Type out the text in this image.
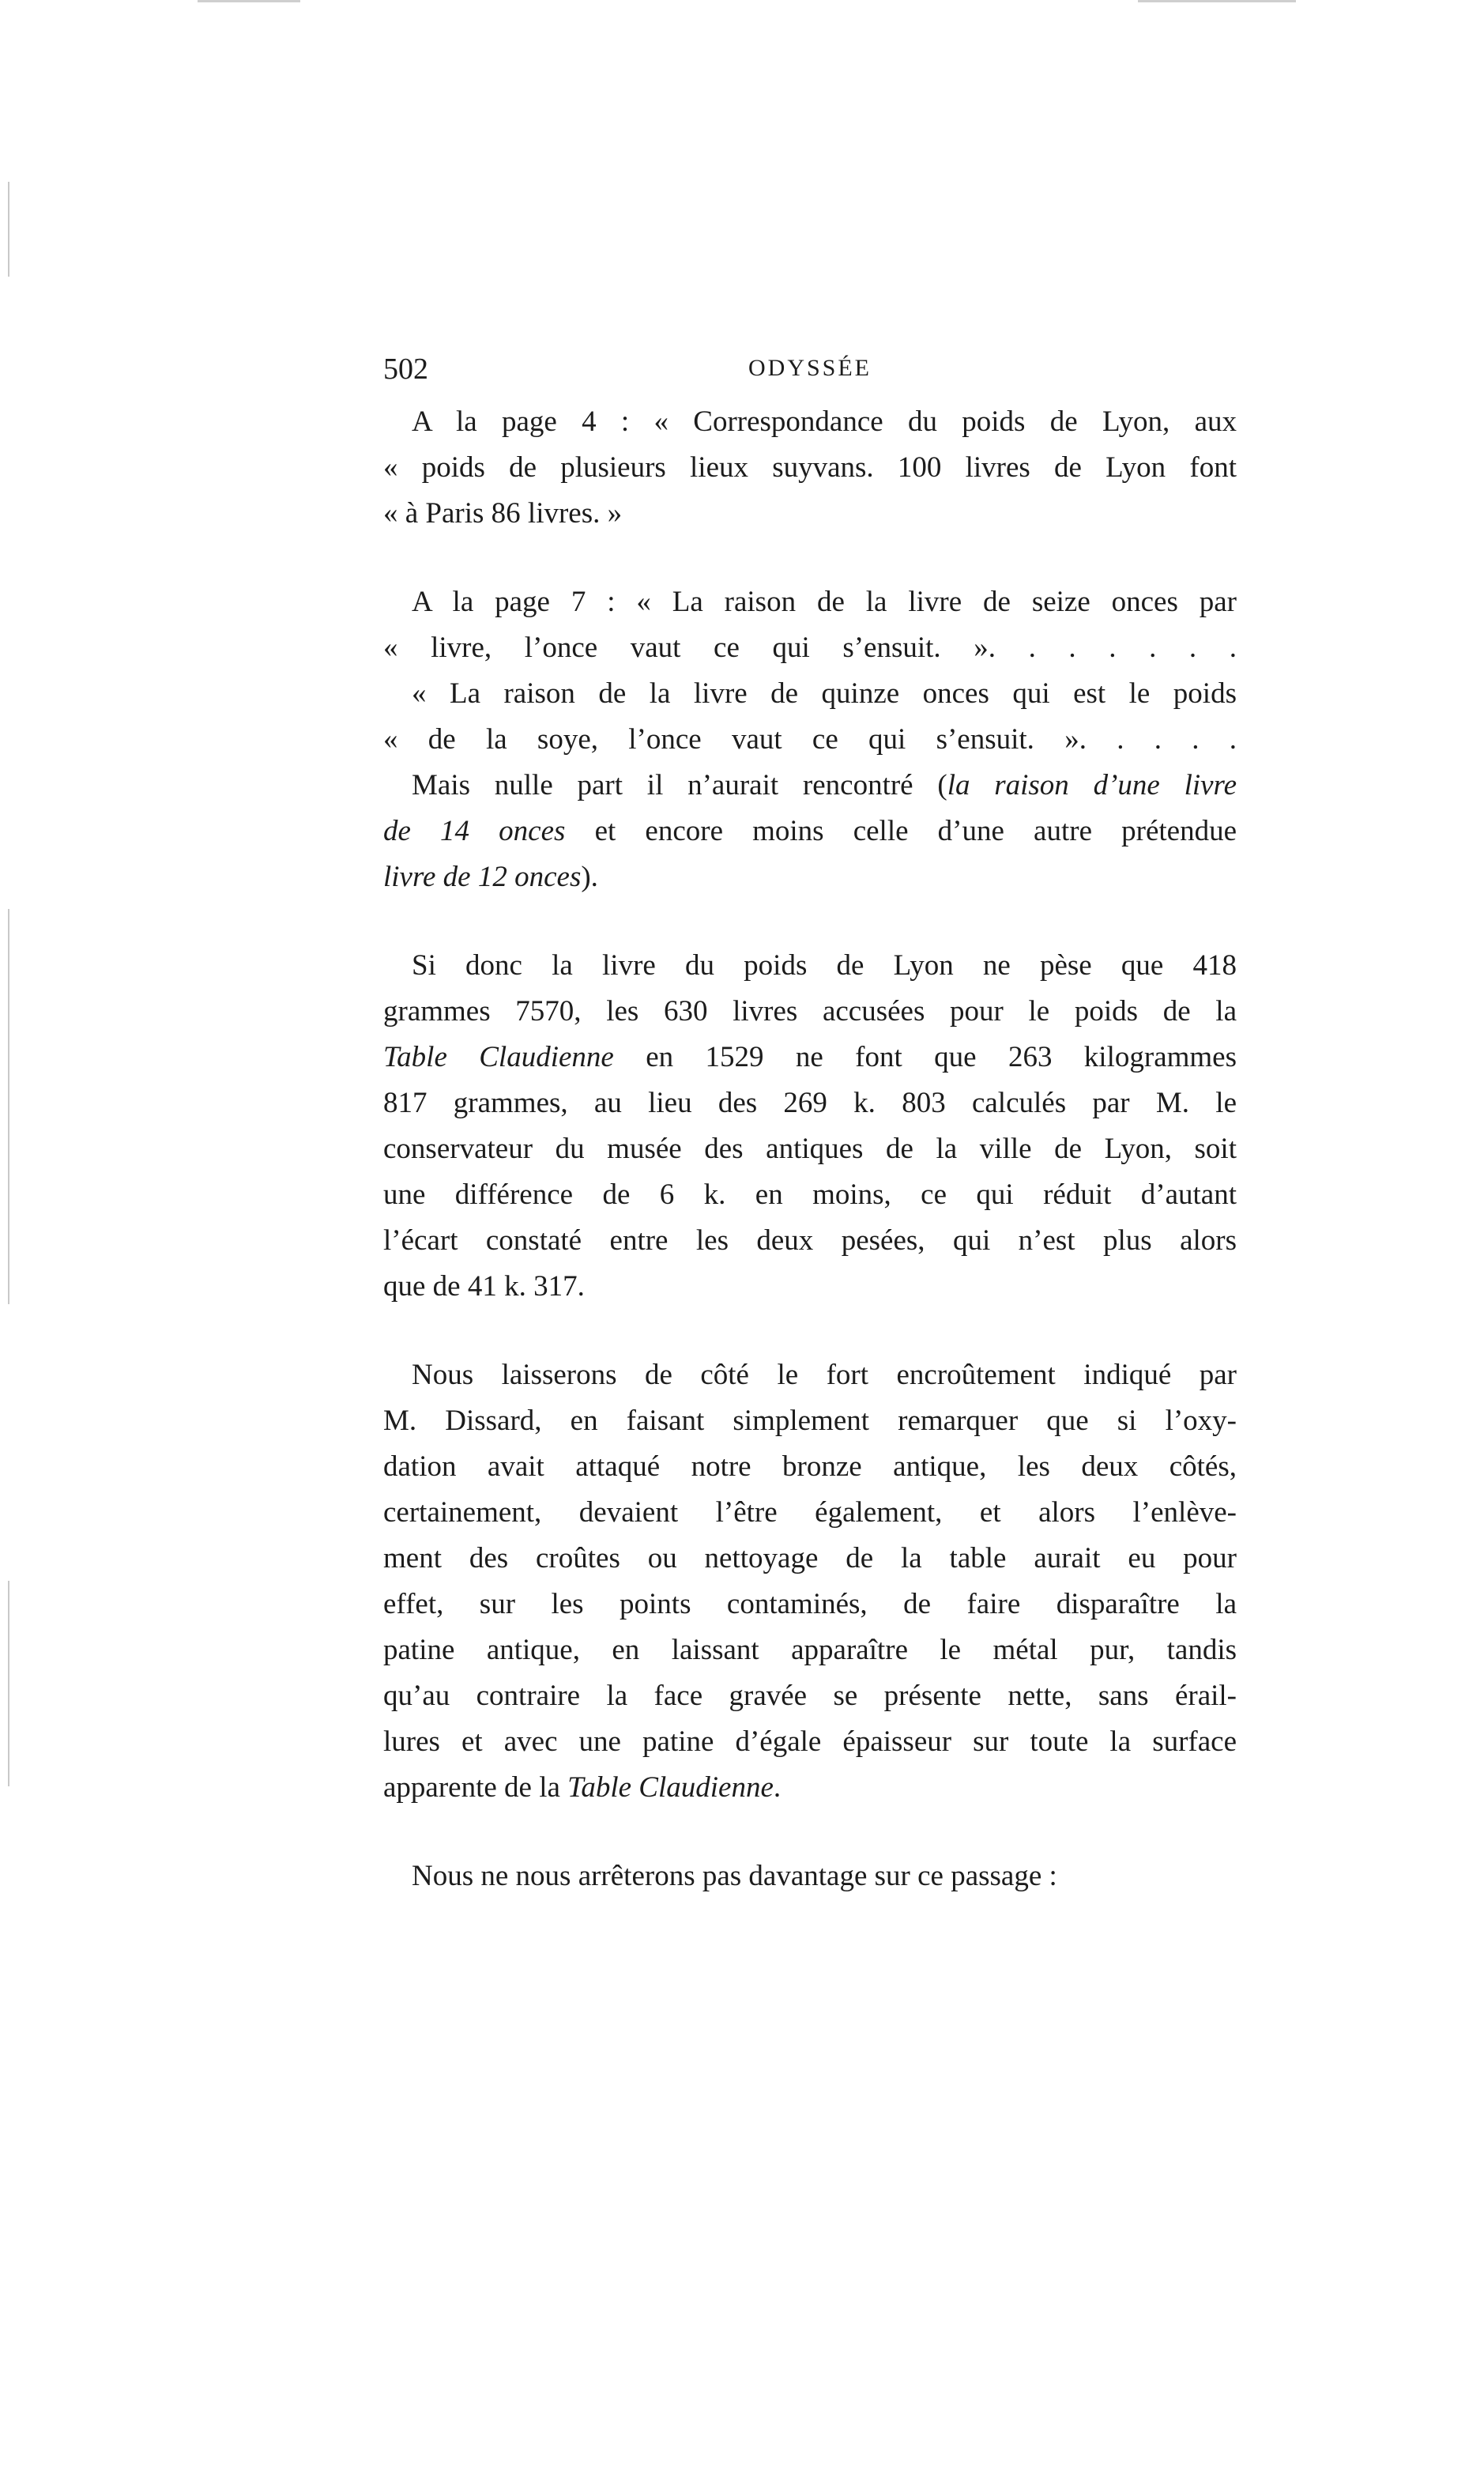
502	ODYSSÉE
A la page 4 : « Correspondance du poids de Lyon, aux
« poids de plusieurs lieux suyvans. 100 livres de Lyon font
« à Paris 86 livres. »
A la page 7 : « La raison de la livre de seize onces par
« livre, l’once vaut ce qui s’ensuit. ». . . . . . .
« La raison de la livre de quinze onces qui est le poids
« de la soye, l’once vaut ce qui s’ensuit. ». . . . .
Mais nulle part il n’aurait rencontré (la raison d’une livre
de 14 onces et encore moins celle d’une autre prétendue
livre de 12 onces).
Si donc la livre du poids de Lyon ne pèse que 418
grammes 7570, les 630 livres accusées pour le poids de la
Table Claudienne en 1529 ne font que 263 kilogrammes
817 grammes, au lieu des 269 k. 803 calculés par M. le
conservateur du musée des antiques de la ville de Lyon, soit
une différence de 6 k. en moins, ce qui réduit d’autant
l’écart constaté entre les deux pesées, qui n’est plus alors
que de 41 k. 317.
Nous laisserons de côté le fort encroûtement indiqué par
M. Dissard, en faisant simplement remarquer que si l’oxy-
dation avait attaqué notre bronze antique, les deux côtés,
certainement, devaient l’être également, et alors l’enlève-
ment des croûtes ou nettoyage de la table aurait eu pour
effet, sur les points contaminés, de faire disparaître la
patine antique, en laissant apparaître le métal pur, tandis
qu’au contraire la face gravée se présente nette, sans érail-
lures et avec une patine d’égale épaisseur sur toute la surface
apparente de la Table Claudienne.
Nous ne nous arrêterons pas davantage sur ce passage :
